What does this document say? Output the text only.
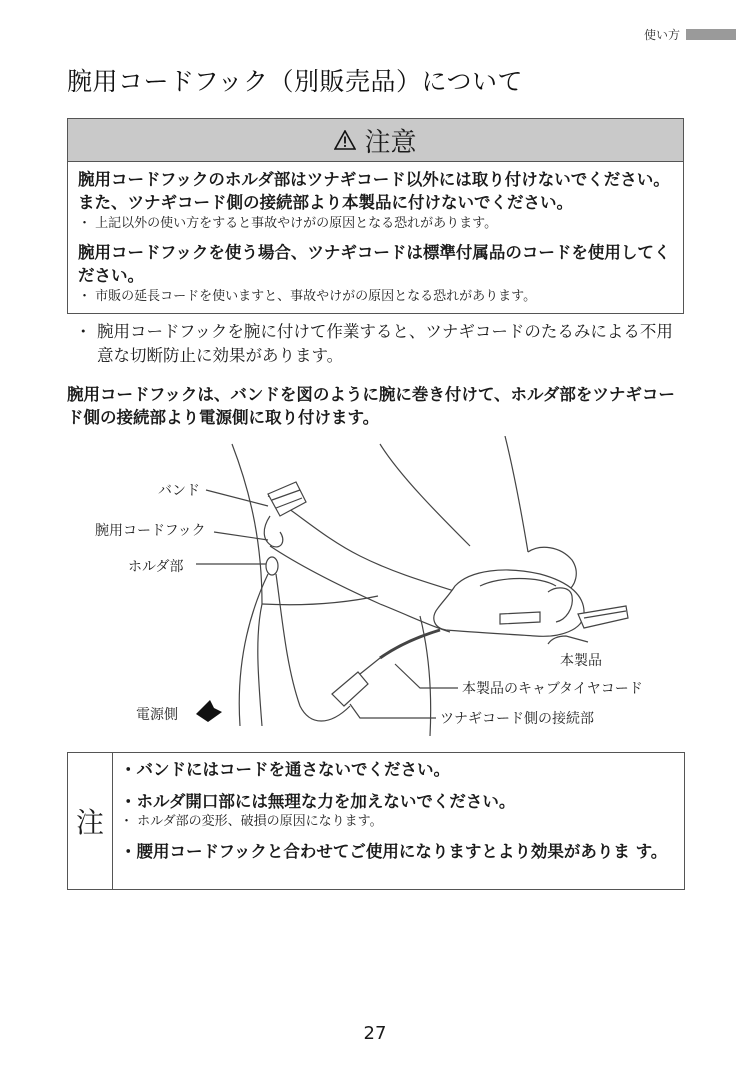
使い方
腕用コードフック（別販売品）について
注意
腕用コードフックのホルダ部はツナギコード以外には取り付けないでください。また、ツナギコード側の接続部より本製品に付けないでください。
・ 上記以外の使い方をすると事故やけがの原因となる恐れがあります。
腕用コードフックを使う場合、ツナギコードは標準付属品のコードを使用してください。
・ 市販の延長コードを使いますと、事故やけがの原因となる恐れがあります。
・ 腕用コードフックを腕に付けて作業すると、ツナギコードのたるみによる不用意な切断防止に効果があります。
腕用コードフックは、バンドを図のように腕に巻き付けて、ホルダ部をツナギコード側の接続部より電源側に取り付けます。
バンド
腕用コードフック
ホルダ部
電源側
本製品
本製品のキャブタイヤコード
ツナギコード側の接続部
注
・バンドにはコードを通さないでください。
・ホルダ開口部には無理な力を加えないでください。
・ ホルダ部の変形、破損の原因になります。
・腰用コードフックと合わせてご使用になりますとより効果がありま す。
27
